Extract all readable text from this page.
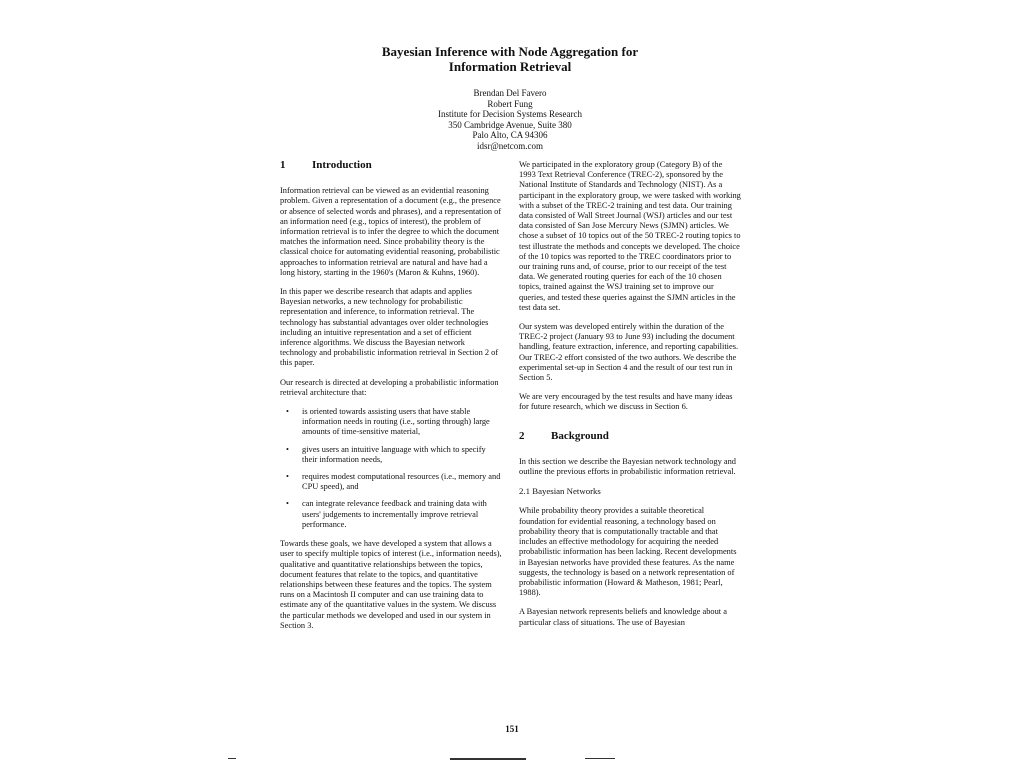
Bayesian Inference with Node Aggregation for
Information Retrieval
Brendan Del Favero
Robert Fung
Institute for Decision Systems Research
350 Cambridge Avenue, Suite 380
Palo Alto, CA 94306
idsr@netcom.com
1	Introduction

Information retrieval can be viewed as an evidential reasoning problem. Given a representation of a document (e.g., the presence or absence of selected words and phrases), and a representation of an information need (e.g., topics of interest), the problem of information retrieval is to infer the degree to which the document matches the information need. Since probability theory is the classical choice for automating evidential reasoning, probabilistic approaches to information retrieval are natural and have had a long history, starting in the 1960's (Maron & Kuhns, 1960).

In this paper we describe research that adapts and applies Bayesian networks, a new technology for probabilistic representation and inference, to information retrieval. The technology has substantial advantages over older technologies including an intuitive representation and a set of efficient inference algorithms. We discuss the Bayesian network technology and probabilistic information retrieval in Section 2 of this paper.

Our research is directed at developing a probabilistic information retrieval architecture that:

• is oriented towards assisting users that have stable information needs in routing (i.e., sorting through) large amounts of time-sensitive material,
• gives users an intuitive language with which to specify their information needs,
• requires modest computational resources (i.e., memory and CPU speed), and
• can integrate relevance feedback and training data with users' judgements to incrementally improve retrieval performance.

Towards these goals, we have developed a system that allows a user to specify multiple topics of interest (i.e., information needs), qualitative and quantitative relationships between the topics, document features that relate to the topics, and quantitative relationships between these features and the topics. The system runs on a Macintosh II computer and can use training data to estimate any of the quantitative values in the system. We discuss the particular methods we developed and used in our system in Section 3.

We participated in the exploratory group (Category B) of the 1993 Text Retrieval Conference (TREC-2), sponsored by the National Institute of Standards and Technology (NIST). As a participant in the exploratory group, we were tasked with working with a subset of the TREC-2 training and test data. Our training data consisted of Wall Street Journal (WSJ) articles and our test data consisted of San Jose Mercury News (SJMN) articles. We chose a subset of 10 topics out of the 50 TREC-2 routing topics to test illustrate the methods and concepts we developed. The choice of the 10 topics was reported to the TREC coordinators prior to our training runs and, of course, prior to our receipt of the test data. We generated routing queries for each of the 10 chosen topics, trained against the WSJ training set to improve our queries, and tested these queries against the SJMN articles in the test data set.

Our system was developed entirely within the duration of the TREC-2 project (January 93 to June 93) including the document handling, feature extraction, inference, and reporting capabilities. Our TREC-2 effort consisted of the two authors. We describe the experimental set-up in Section 4 and the result of our test run in Section 5.

We are very encouraged by the test results and have many ideas for future research, which we discuss in Section 6.

2	Background

In this section we describe the Bayesian network technology and outline the previous efforts in probabilistic information retrieval.

2.1 Bayesian Networks

While probability theory provides a suitable theoretical foundation for evidential reasoning, a technology based on probability theory that is computationally tractable and that includes an effective methodology for acquiring the needed probabilistic information has been lacking. Recent developments in Bayesian networks have provided these features. As the name suggests, the technology is based on a network representation of probabilistic information (Howard & Matheson, 1981; Pearl, 1988).

A Bayesian network represents beliefs and knowledge about a particular class of situations. The use of Bayesian

151
